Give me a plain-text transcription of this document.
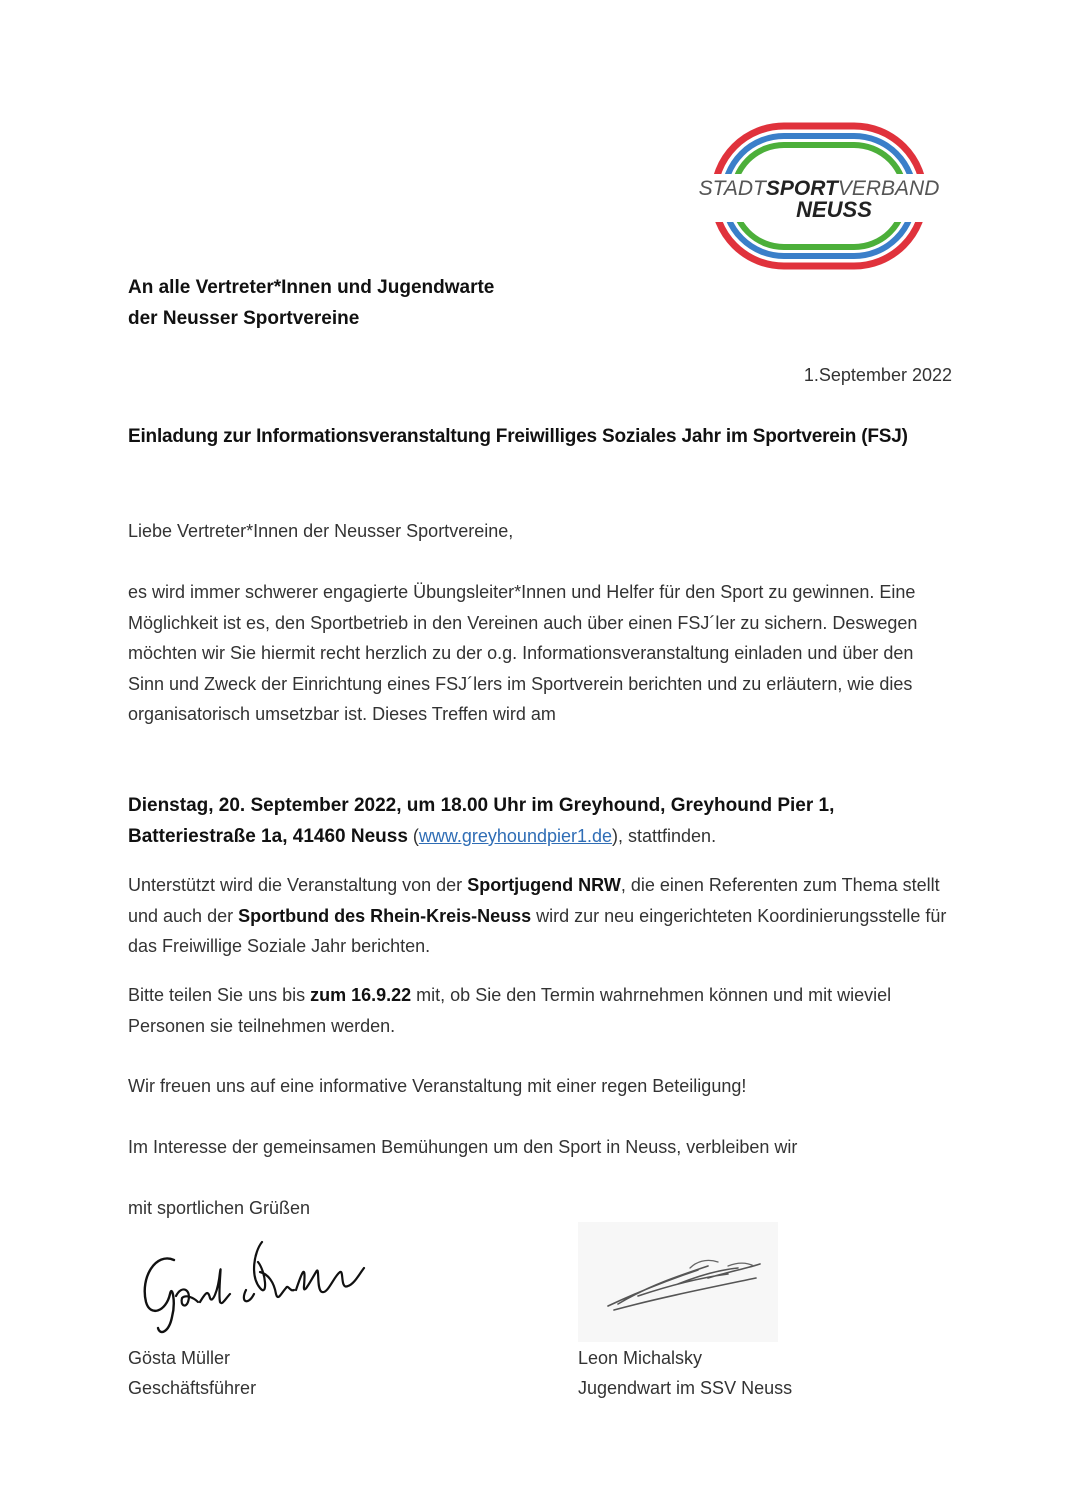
STADTSPORTVERBAND
NEUSS
An alle Vertreter*Innen und Jugendwarte
der Neusser Sportvereine
1.September 2022
Einladung zur Informationsveranstaltung Freiwilliges Soziales Jahr im Sportverein (FSJ)
Liebe Vertreter*Innen der Neusser Sportvereine,
es wird immer schwerer engagierte Übungsleiter*Innen und Helfer für den Sport zu gewinnen. Eine Möglichkeit ist es, den Sportbetrieb in den Vereinen auch über einen FSJ´ler zu sichern. Deswegen möchten wir Sie hiermit recht herzlich zu der o.g. Informationsveranstaltung einladen und über den Sinn und Zweck der Einrichtung eines FSJ´lers im Sportverein berichten und zu erläutern, wie dies organisatorisch umsetzbar ist. Dieses Treffen wird am
Dienstag, 20. September 2022, um 18.00 Uhr im Greyhound, Greyhound Pier 1, Batteriestraße 1a, 41460 Neuss (www.greyhoundpier1.de), stattfinden.
Unterstützt wird die Veranstaltung von der Sportjugend NRW, die einen Referenten zum Thema stellt und auch der Sportbund des Rhein-Kreis-Neuss wird zur neu eingerichteten Koordinierungsstelle für das Freiwillige Soziale Jahr berichten.
Bitte teilen Sie uns bis zum 16.9.22 mit, ob Sie den Termin wahrnehmen können und mit wieviel Personen sie teilnehmen werden.
Wir freuen uns auf eine informative Veranstaltung mit einer regen Beteiligung!
Im Interesse der gemeinsamen Bemühungen um den Sport in Neuss, verbleiben wir
mit sportlichen Grüßen
Gösta Müller
Geschäftsführer
Leon Michalsky
Jugendwart im SSV Neuss
